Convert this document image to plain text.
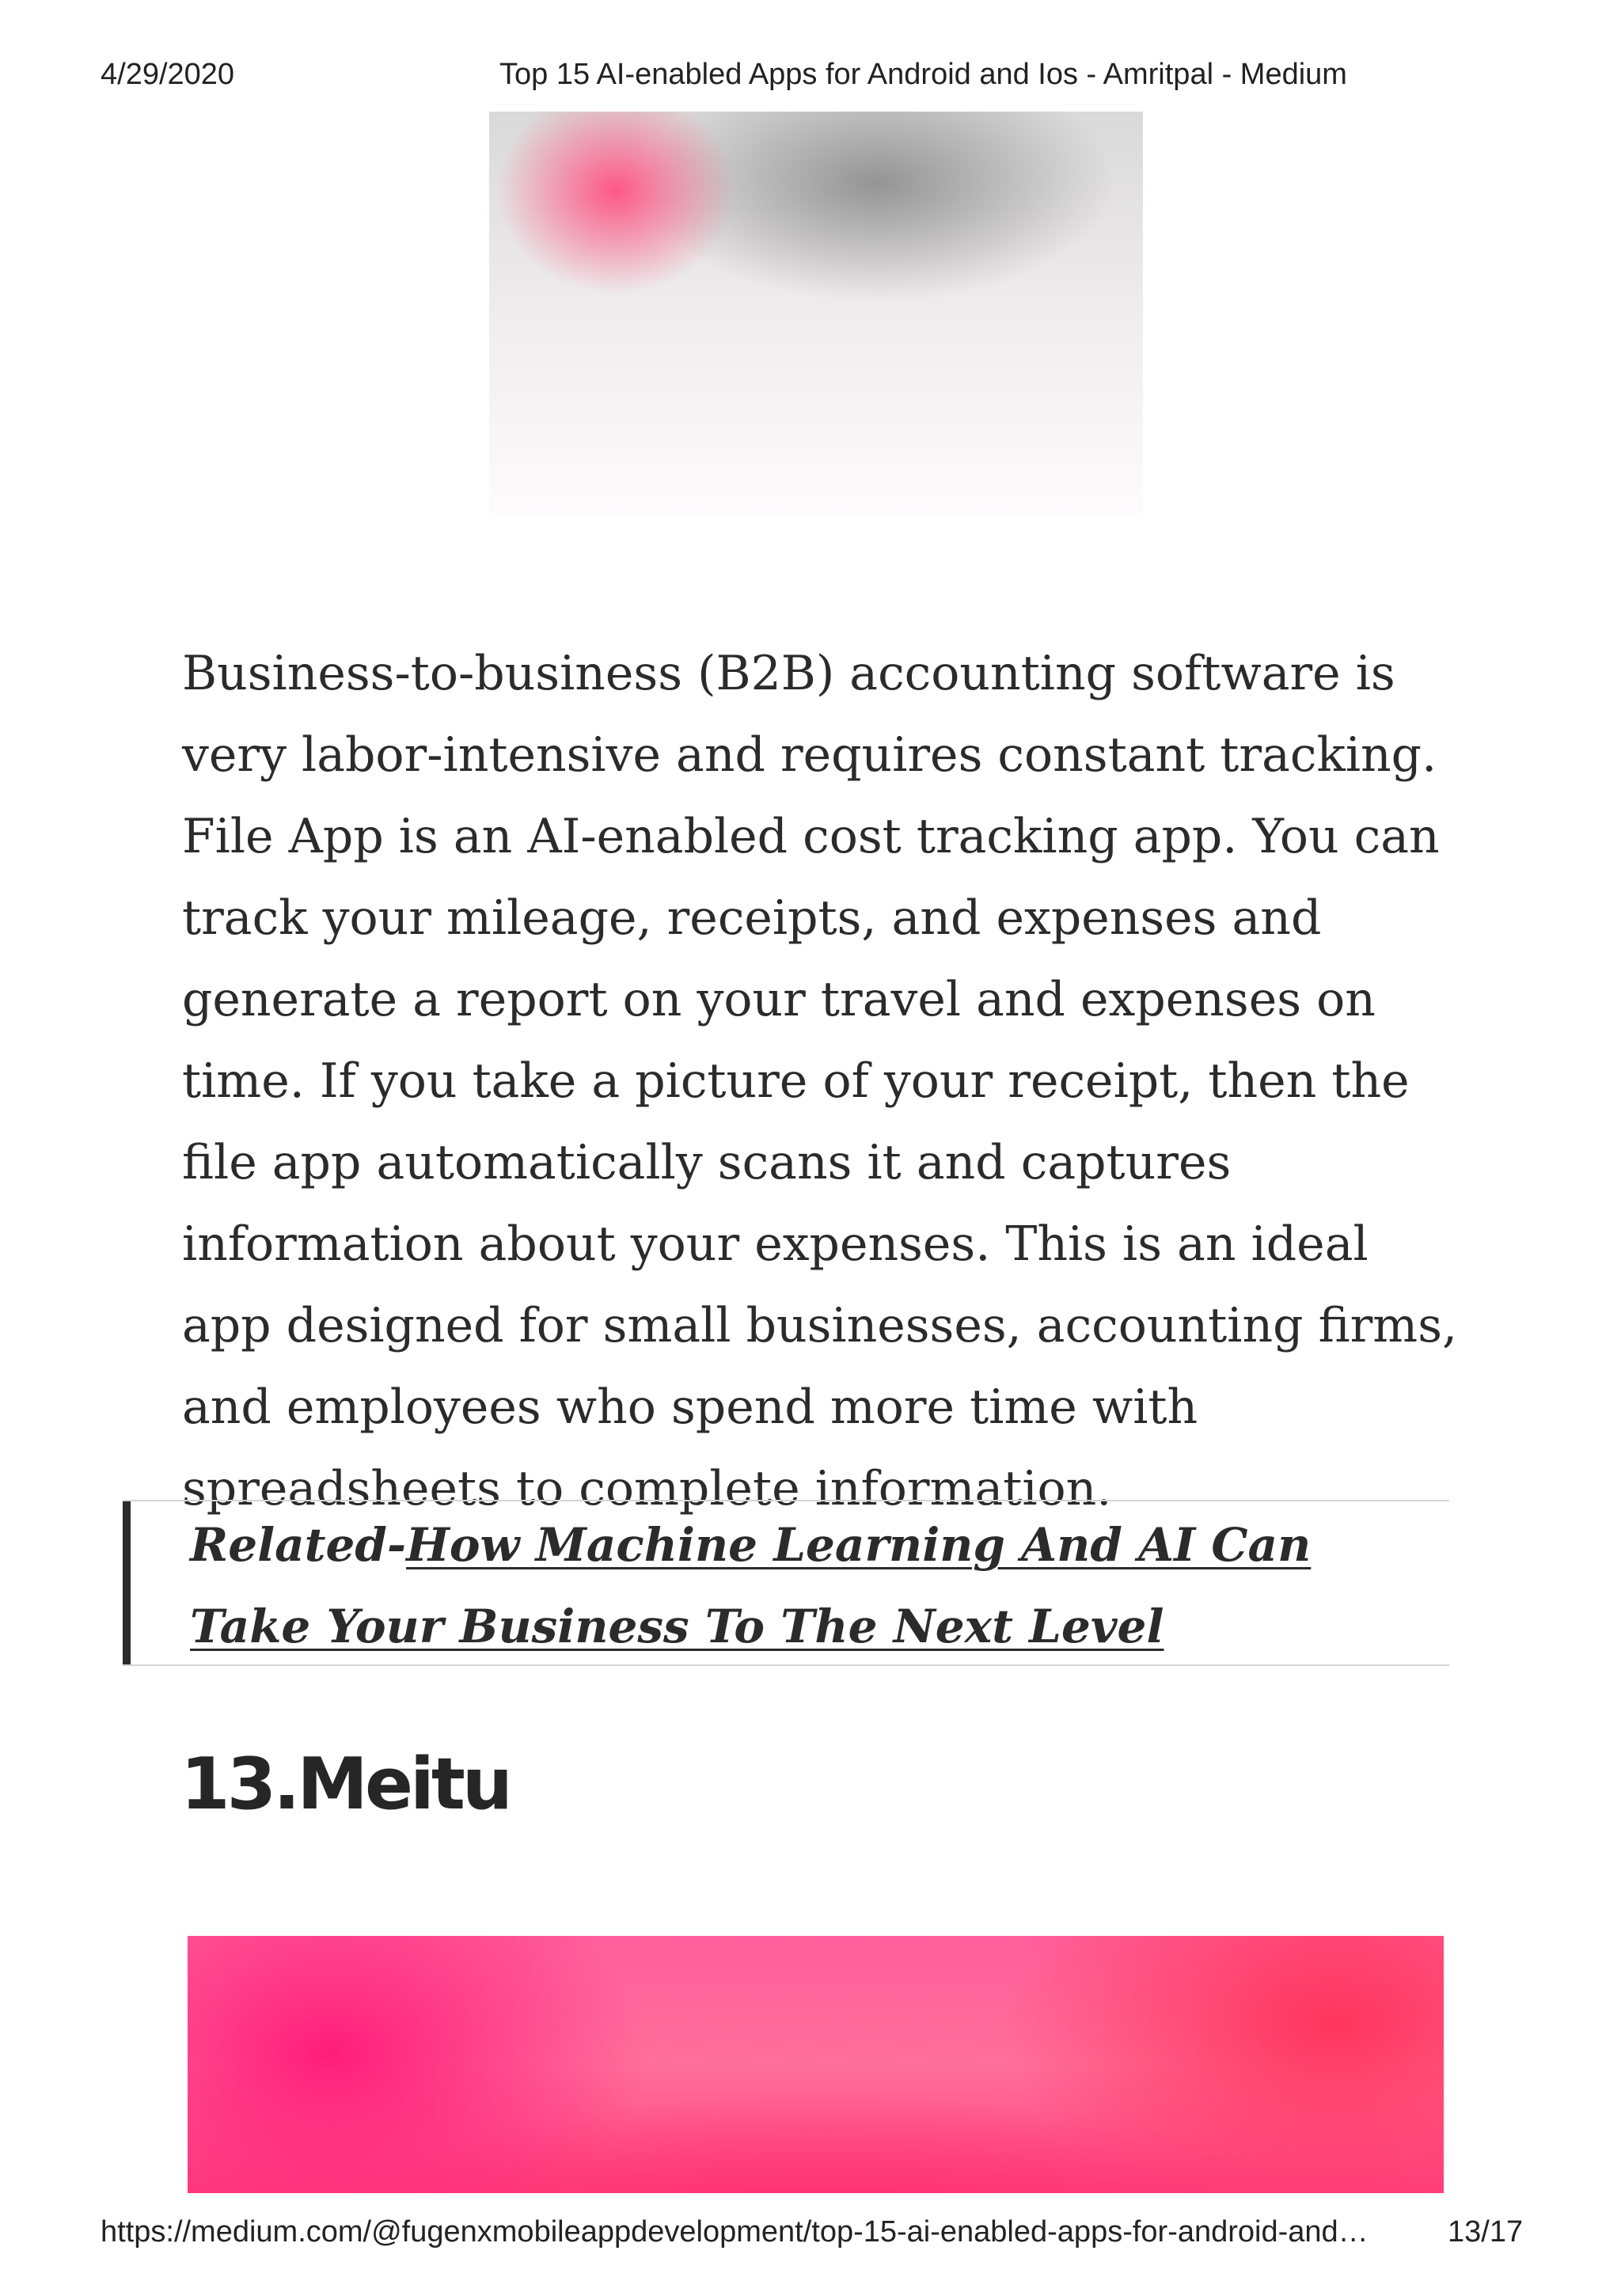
4/29/2020	Top 15 AI-enabled Apps for Android and Ios - Amritpal - Medium

Business-to-business (B2B) accounting software is very labor-intensive and requires constant tracking. File App is an AI-enabled cost tracking app. You can track your mileage, receipts, and expenses and generate a report on your travel and expenses on time. If you take a picture of your receipt, then the file app automatically scans it and captures information about your expenses. This is an ideal app designed for small businesses, accounting firms, and employees who spend more time with spreadsheets to complete information.

Related-How Machine Learning And AI Can Take Your Business To The Next Level
13.Meitu
https://medium.com/@fugenxmobileappdevelopment/top-15-ai-enabled-apps-for-android-and…	13/17
